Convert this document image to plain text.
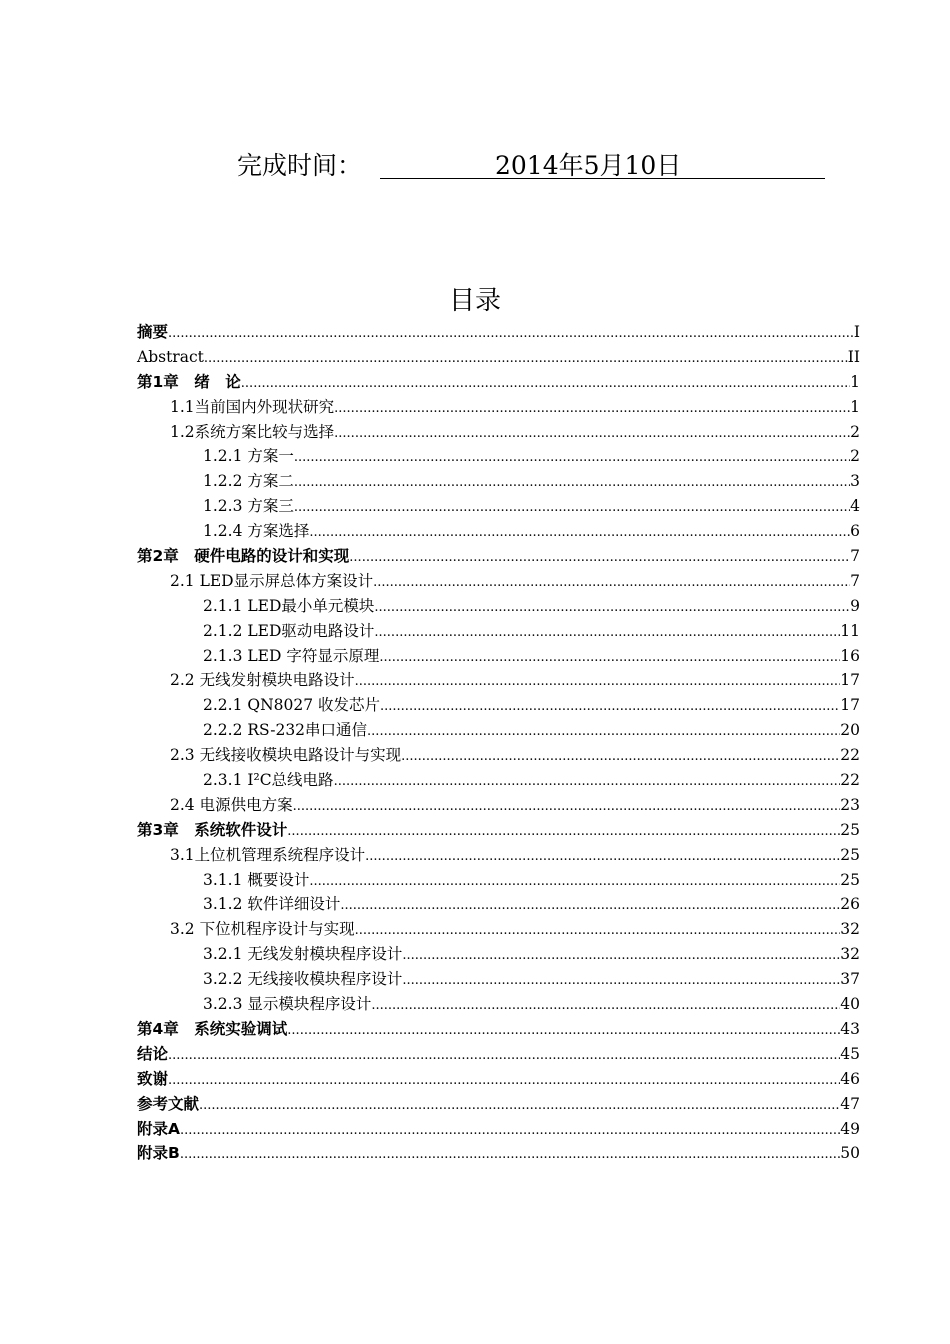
完成时间：	2014年5月10日
目录
摘要 .....	I
Abstract .....	II
第1章　绪　论 .....	1
1.1当前国内外现状研究 .....	1
1.2系统方案比较与选择 .....	2
1.2.1 方案一 .....	2
1.2.2 方案二 .....	3
1.2.3 方案三 .....	4
1.2.4 方案选择 .....	6
第2章　硬件电路的设计和实现 .....	7
2.1 LED显示屏总体方案设计 .....	7
2.1.1 LED最小单元模块 .....	9
2.1.2 LED驱动电路设计 .....	11
2.1.3 LED 字符显示原理 .....	16
2.2 无线发射模块电路设计 .....	17
2.2.1 QN8027 收发芯片 .....	17
2.2.2 RS-232串口通信 .....	20
2.3 无线接收模块电路设计与实现 .....	22
2.3.1 I²C总线电路 .....	22
2.4 电源供电方案 .....	23
第3章　系统软件设计 .....	25
3.1上位机管理系统程序设计 .....	25
3.1.1 概要设计 .....	25
3.1.2 软件详细设计 .....	26
3.2 下位机程序设计与实现 .....	32
3.2.1 无线发射模块程序设计 .....	32
3.2.2 无线接收模块程序设计 .....	37
3.2.3 显示模块程序设计 .....	40
第4章　系统实验调试 .....	43
结论 .....	45
致谢 .....	46
参考文献 .....	47
附录A .....	49
附录B .....	50
